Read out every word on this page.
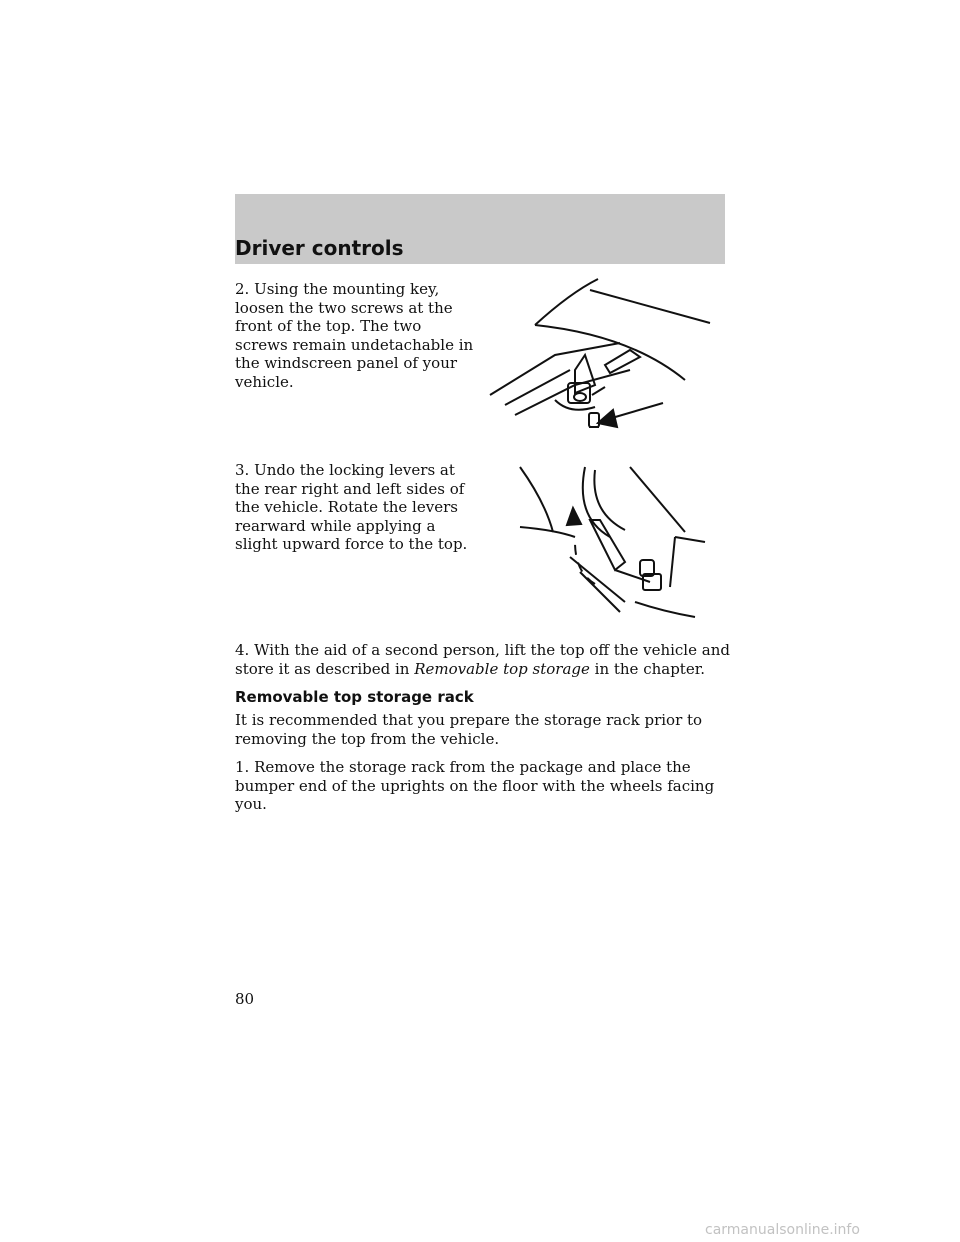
Driver controls

2. Using the mounting key, loosen the two screws at the front of the top. The two screws remain undetachable in the windscreen panel of your vehicle.

3. Undo the locking levers at the rear right and left sides of the vehicle. Rotate the levers rearward while applying a slight upward force to the top.

4. With the aid of a second person, lift the top off the vehicle and store it as described in Removable top storage in the chapter.

Removable top storage rack

It is recommended that you prepare the storage rack prior to removing the top from the vehicle.

1. Remove the storage rack from the package and place the bumper end of the uprights on the floor with the wheels facing you.

80
carmanualsonline.info
